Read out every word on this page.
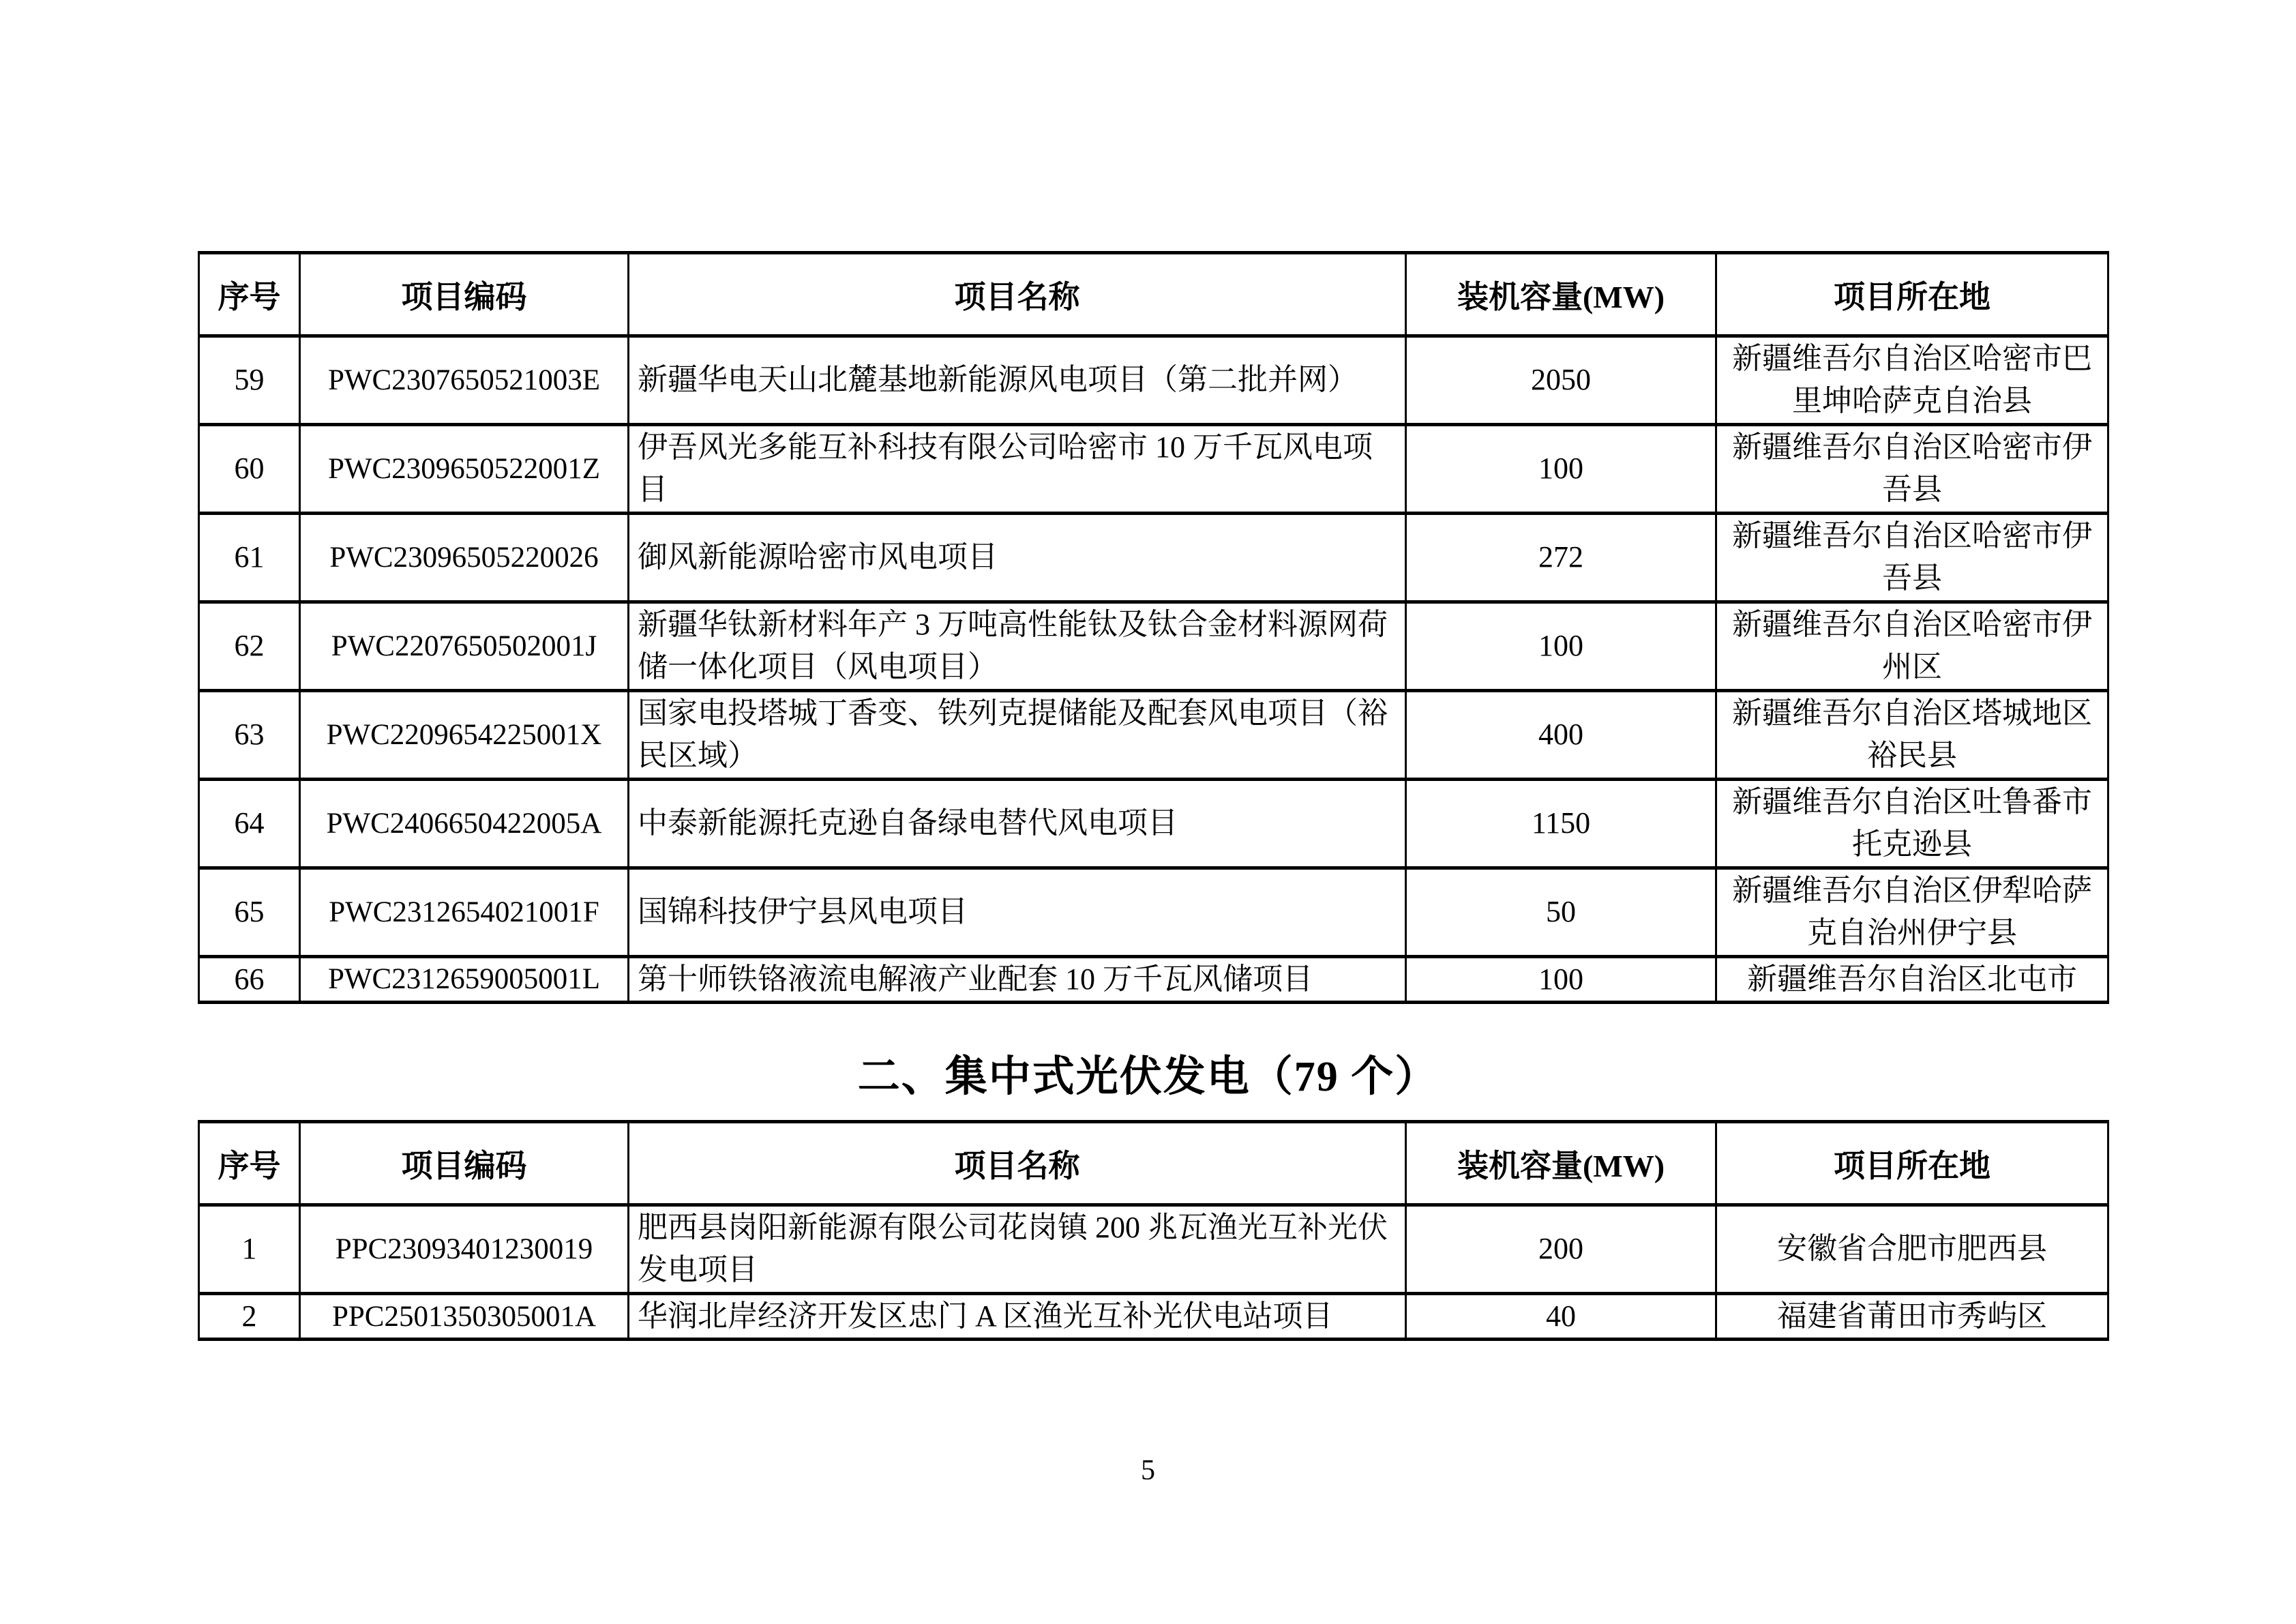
序号	项目编码	项目名称	装机容量(MW)	项目所在地
59	PWC2307650521003E	新疆华电天山北麓基地新能源风电项目（第二批并网）	2050	新疆维吾尔自治区哈密市巴里坤哈萨克自治县
60	PWC2309650522001Z	伊吾风光多能互补科技有限公司哈密市 10 万千瓦风电项目	100	新疆维吾尔自治区哈密市伊吾县
61	PWC23096505220026	御风新能源哈密市风电项目	272	新疆维吾尔自治区哈密市伊吾县
62	PWC2207650502001J	新疆华钛新材料年产 3 万吨高性能钛及钛合金材料源网荷储一体化项目（风电项目）	100	新疆维吾尔自治区哈密市伊州区
63	PWC2209654225001X	国家电投塔城丁香变、铁列克提储能及配套风电项目（裕民区域）	400	新疆维吾尔自治区塔城地区裕民县
64	PWC2406650422005A	中泰新能源托克逊自备绿电替代风电项目	1150	新疆维吾尔自治区吐鲁番市托克逊县
65	PWC2312654021001F	国锦科技伊宁县风电项目	50	新疆维吾尔自治区伊犁哈萨克自治州伊宁县
66	PWC2312659005001L	第十师铁铬液流电解液产业配套 10 万千瓦风储项目	100	新疆维吾尔自治区北屯市
二、集中式光伏发电（79 个）
序号	项目编码	项目名称	装机容量(MW)	项目所在地
1	PPC23093401230019	肥西县岗阳新能源有限公司花岗镇 200 兆瓦渔光互补光伏发电项目	200	安徽省合肥市肥西县
2	PPC2501350305001A	华润北岸经济开发区忠门 A 区渔光互补光伏电站项目	40	福建省莆田市秀屿区
5
